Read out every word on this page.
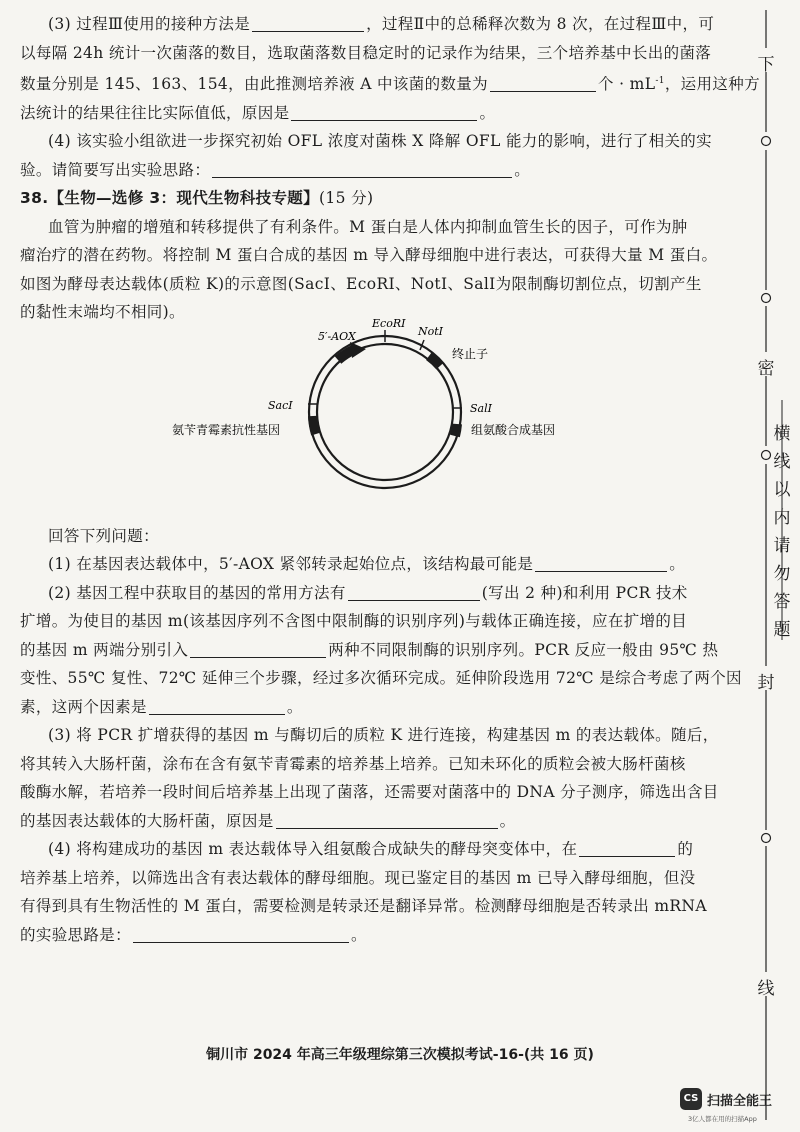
(3) 过程Ⅲ使用的接种方法是	，过程Ⅱ中的总稀释次数为 8 次，在过程Ⅲ中，可
以每隔 24h 统计一次菌落的数目，选取菌落数目稳定时的记录作为结果，三个培养基中长出的菌落
数量分别是 145、163、154，由此推测培养液 A 中该菌的数量为	个 · $mL^{-1}$，运用这种方
法统计的结果往往比实际值低，原因是	。
(4) 该实验小组欲进一步探究初始 OFL 浓度对菌株 X 降解 OFL 能力的影响，进行了相关的实
验。请简要写出实验思路：	。
38.【生物—选修 3：现代生物科技专题】(15 分)
血管为肿瘤的增殖和转移提供了有利条件。M 蛋白是人体内抑制血管生长的因子，可作为肿
瘤治疗的潜在药物。将控制 M 蛋白合成的基因 m 导入酵母细胞中进行表达，可获得大量 M 蛋白。
如图为酵母表达载体(质粒 K)的示意图(SacⅠ、EcoRⅠ、NotⅠ、SalⅠ为限制酶切割位点，切割产生
的黏性末端均不相同)。
回答下列问题：
(1) 在基因表达载体中，5′-AOX 紧邻转录起始位点，该结构最可能是	。
(2) 基因工程中获取目的基因的常用方法有	(写出 2 种)和利用 PCR 技术
扩增。为使目的基因 m(该基因序列不含图中限制酶的识别序列)与载体正确连接，应在扩增的目
的基因 m 两端分别引入	两种不同限制酶的识别序列。PCR 反应一般由 95℃ 热
变性、55℃ 复性、72℃ 延伸三个步骤，经过多次循环完成。延伸阶段选用 72℃ 是综合考虑了两个因
素，这两个因素是	。
(3) 将 PCR 扩增获得的基因 m 与酶切后的质粒 K 进行连接，构建基因 m 的表达载体。随后，
将其转入大肠杆菌，涂布在含有氨苄青霉素的培养基上培养。已知未环化的质粒会被大肠杆菌核
酸酶水解，若培养一段时间后培养基上出现了菌落，还需要对菌落中的 DNA 分子测序，筛选出含目
的基因表达载体的大肠杆菌，原因是	。
(4) 将构建成功的基因 m 表达载体导入组氨酸合成缺失的酵母突变体中，在	的
培养基上培养，以筛选出含有表达载体的酵母细胞。现已鉴定目的基因 m 已导入酵母细胞，但没
有得到具有生物活性的 M 蛋白，需要检测是转录还是翻译异常。检测酵母细胞是否转录出 mRNA
的实验思路是：	。
5′-AOX
EcoRⅠ
NotⅠ
终止子
SalⅠ
组氨酸合成基因
SacⅠ
氨苄青霉素抗性基因
下
密
横
线
以
内
请
勿
答
题
封
线
铜川市 2024 年高三年级理综第三次模拟考试-16-(共 16 页)
CS 扫描全能王
3亿人都在用的扫描App
